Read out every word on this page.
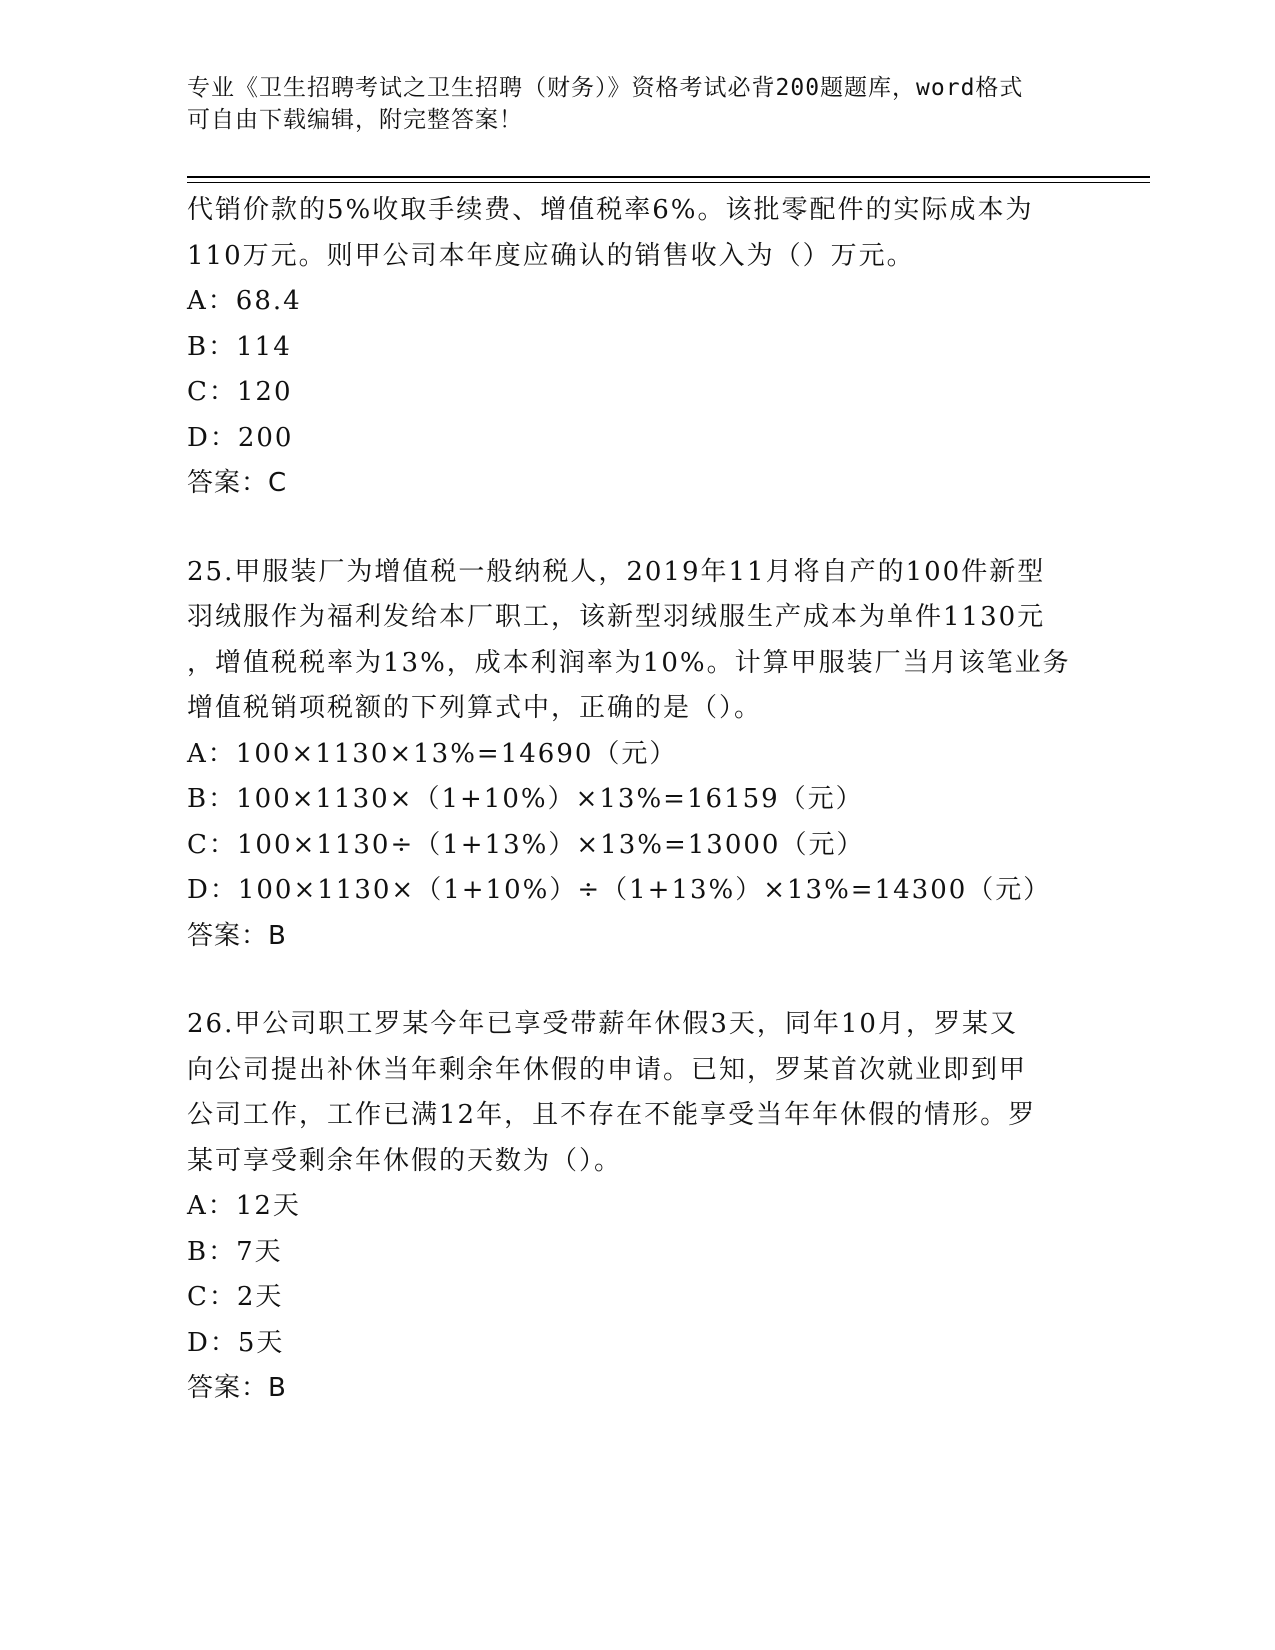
专业《卫生招聘考试之卫生招聘（财务）》资格考试必背200题题库，word格式

可自由下载编辑，附完整答案！

代销价款的5%收取手续费、增值税率6%。该批零配件的实际成本为
110万元。则甲公司本年度应确认的销售收入为（）万元。
A：68.4
B：114
C：120
D：200
答案：C
25.甲服装厂为增值税一般纳税人，2019年11月将自产的100件新型
羽绒服作为福利发给本厂职工，该新型羽绒服生产成本为单件1130元
，增值税税率为13%，成本利润率为10%。计算甲服装厂当月该笔业务
增值税销项税额的下列算式中，正确的是（）。
A：100×1130×13%=14690（元）
B：100×1130×（1+10%）×13%=16159（元）
C：100×1130÷（1+13%）×13%=13000（元）
D：100×1130×（1+10%）÷（1+13%）×13%=14300（元）
答案：B
26.甲公司职工罗某今年已享受带薪年休假3天，同年10月，罗某又
向公司提出补休当年剩余年休假的申请。已知，罗某首次就业即到甲
公司工作，工作已满12年，且不存在不能享受当年年休假的情形。罗
某可享受剩余年休假的天数为（）。
A：12天
B：7天
C：2天
D：5天
答案：B
